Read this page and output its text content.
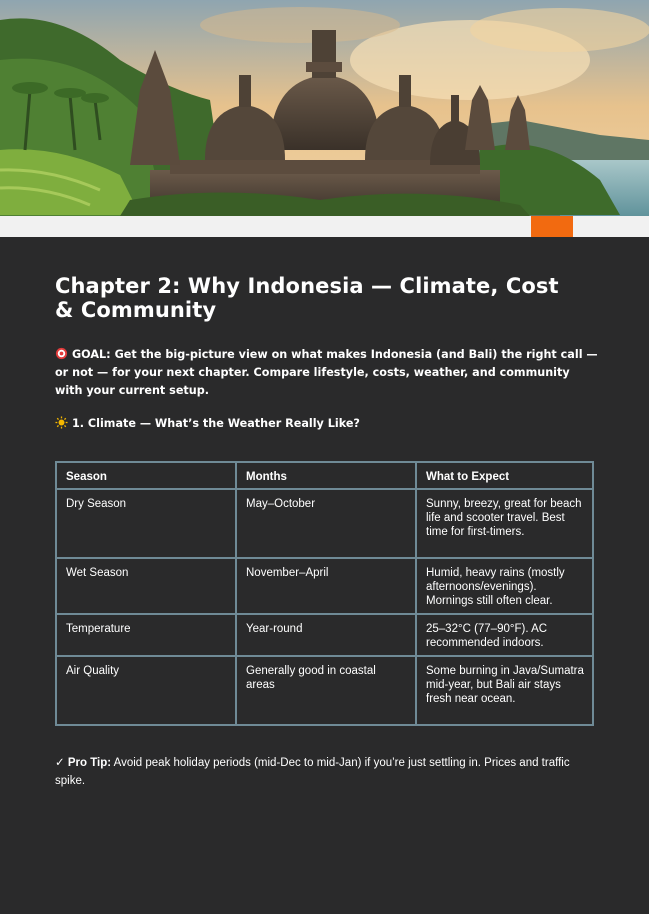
Chapter 2: Why Indonesia — Climate, Cost & Community
GOAL: Get the big-picture view on what makes Indonesia (and Bali) the right call — or not — for your next chapter. Compare lifestyle, costs, weather, and community with your current setup.
1. Climate — What’s the Weather Really Like?
Season	Months	What to Expect
Dry Season	May–October	Sunny, breezy, great for beach life and scooter travel. Best time for first-timers.
Wet Season	November–April	Humid, heavy rains (mostly afternoons/evenings). Mornings still often clear.
Temperature	Year-round	25–32°C (77–90°F). AC recommended indoors.
Air Quality	Generally good in coastal areas	Some burning in Java/Sumatra mid-year, but Bali air stays fresh near ocean.
✓ Pro Tip: Avoid peak holiday periods (mid-Dec to mid-Jan) if you’re just settling in. Prices and traffic spike.
